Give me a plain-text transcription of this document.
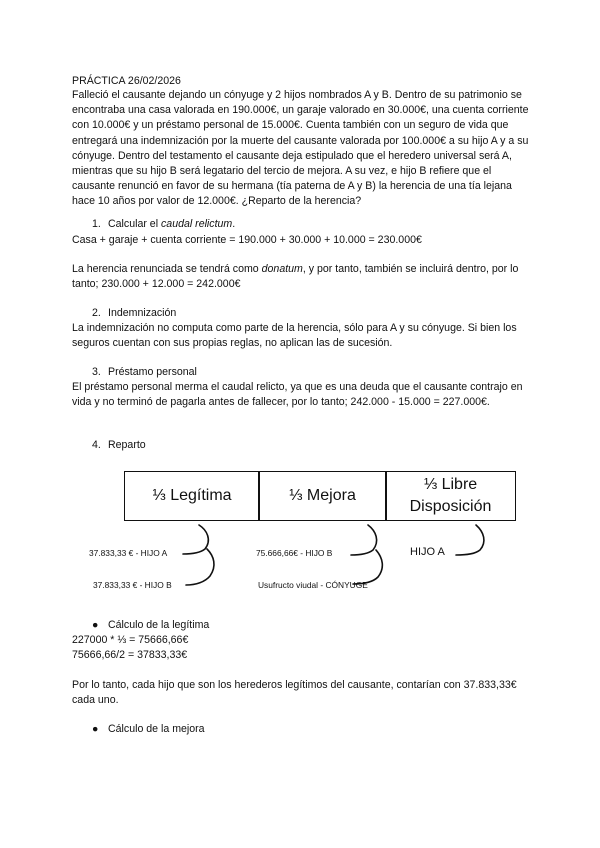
PRÁCTICA 26/02/2026

Falleció el causante dejando un cónyuge y 2 hijos nombrados A y B. Dentro de su patrimonio se encontraba una casa valorada en 190.000€, un garaje valorado en 30.000€, una cuenta corriente con 10.000€ y un préstamo personal de 15.000€. Cuenta también con un seguro de vida que entregará una indemnización por la muerte del causante valorada por 100.000€ a su hijo A y a su cónyuge. Dentro del testamento el causante deja estipulado que el heredero universal será A, mientras que su hijo B será legatario del tercio de mejora. A su vez, e hijo B refiere que el causante renunció en favor de su hermana (tía paterna de A y B) la herencia de una tía lejana hace 10 años por valor de 12.000€. ¿Reparto de la herencia?

1. Calcular el caudal relictum.

Casa + garaje + cuenta corriente = 190.000 + 30.000 + 10.000 = 230.000€

La herencia renunciada se tendrá como donatum, y por tanto, también se incluirá dentro, por lo tanto; 230.000 + 12.000 = 242.000€

2. Indemnización

La indemnización no computa como parte de la herencia, sólo para A y su cónyuge. Si bien los seguros cuentan con sus propias reglas, no aplican las de sucesión.

3. Préstamo personal

El préstamo personal merma el caudal relicto, ya que es una deuda que el causante contrajo en vida y no terminó de pagarla antes de fallecer, por lo tanto; 242.000 - 15.000 = 227.000€.

4. Reparto
⅓ Legítima	⅓ Mejora
⅓ Libre
Disposición
37.833,33 € - HIJO A
37.833,33 € - HIJO B
75.666,66€ - HIJO B
Usufructo viudal - CÓNYUGE
HIJO A
● Cálculo de la legítima

227000 * ⅓ = 75666,66€

75666,66/2 = 37833,33€

Por lo tanto, cada hijo que son los herederos legítimos del causante, contarían con 37.833,33€ cada uno.

● Cálculo de la mejora
